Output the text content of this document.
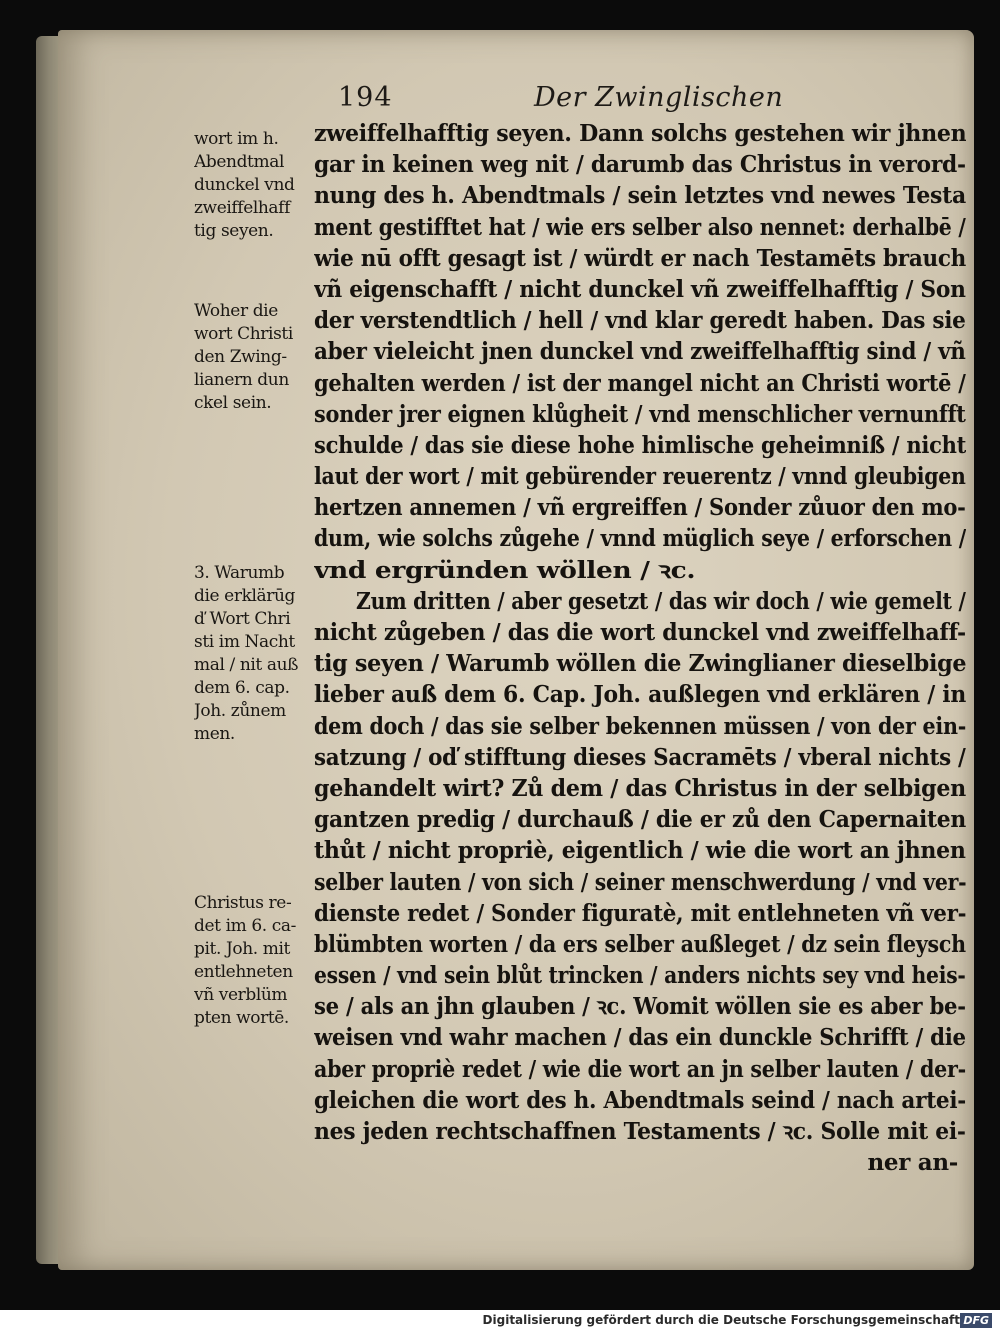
194	Der Zwinglischen
zweiffelhafftig seyen. Dann solchs gestehen wir jhnen
gar in keinen weg nit / darumb das Christus in verord-
nung des h. Abendtmals / sein letztes vnd newes Testa
ment gestifftet hat / wie ers selber also nennet: derhalbē /
wie nū offt gesagt ist / würdt er nach Testamēts brauch
vñ eigenschafft / nicht dunckel vñ zweiffelhafftig / Son
der verstendtlich / hell / vnd klar geredt haben. Das sie
aber vieleicht jnen dunckel vnd zweiffelhafftig sind / vñ
gehalten werden / ist der mangel nicht an Christi wortē /
sonder jrer eignen klůgheit / vnd menschlicher vernunfft
schulde / das sie diese hohe himlische geheimniß / nicht
laut der wort / mit gebürender reuerentz / vnnd gleubigen
hertzen annemen / vñ ergreiffen / Sonder zůuor den mo-
dum, wie solchs zůgehe / vnnd müglich seye / erforschen /
vnd ergründen wöllen / ꝛc.
Zum dritten / aber gesetzt / das wir doch / wie gemelt /
nicht zůgeben / das die wort dunckel vnd zweiffelhaff-
tig seyen / Warumb wöllen die Zwinglianer dieselbige
lieber auß dem 6. Cap. Joh. außlegen vnd erklären / in
dem doch / das sie selber bekennen müssen / von der ein-
satzung / oď stifftung dieses Sacramēts / vberal nichts /
gehandelt wirt? Zů dem / das Christus in der selbigen
gantzen predig / durchauß / die er zů den Capernaiten
thůt / nicht propriè, eigentlich / wie die wort an jhnen
selber lauten / von sich / seiner menschwerdung / vnd ver-
dienste redet / Sonder figuratè, mit entlehneten vñ ver-
blümbten worten / da ers selber außleget / dz sein fleysch
essen / vnd sein blůt trincken / anders nichts sey vnd heis-
se / als an jhn glauben / ꝛc. Womit wöllen sie es aber be-
weisen vnd wahr machen / das ein dunckle Schrifft / die
aber propriè redet / wie die wort an jn selber lauten / der-
gleichen die wort des h. Abendtmals seind / nach artei-
nes jeden rechtschaffnen Testaments / ꝛc. Solle mit ei-
ner an-
wort im h.
Abendtmal
dunckel vnd
zweiffelhaff
tig seyen.
Woher die
wort Christi
den Zwing-
lianern dun
ckel sein.
3. Warumb
die erklärūg
ď Wort Chri
sti im Nacht
mal / nit auß
dem 6. cap.
Joh. zůnem
men.
Christus re-
det im 6. ca-
pit. Joh. mit
entlehneten
vñ verblüm
pten wortē.
Digitalisierung gefördert durch die Deutsche Forschungsgemeinschaft DFG
